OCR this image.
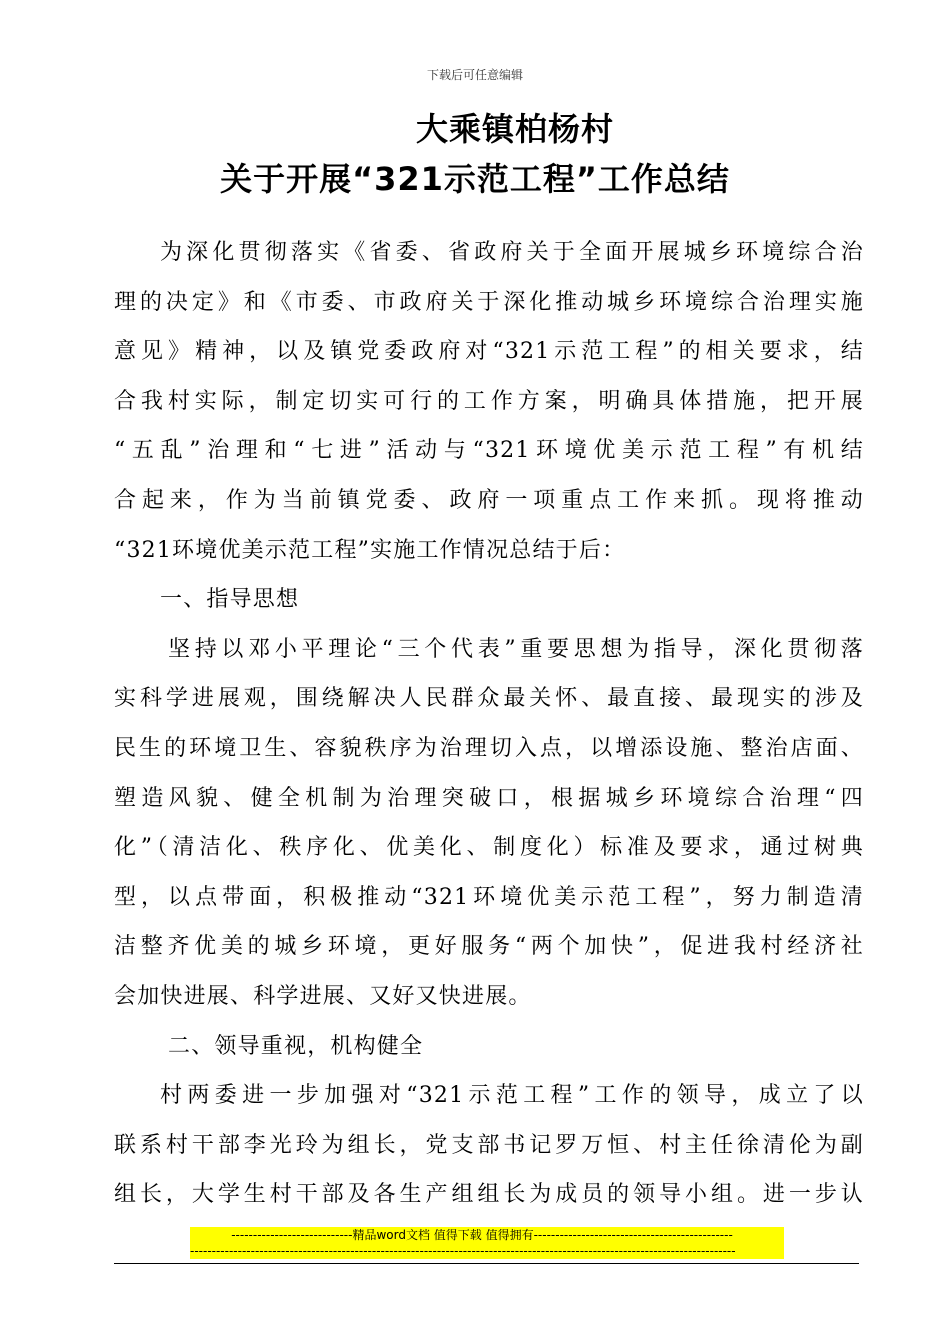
下载后可任意编辑
大乘镇柏杨村
关于开展“321示范工程”工作总结
为深化贯彻落实《省委、省政府关于全面开展城乡环境综合治
理的决定》和《市委、市政府关于深化推动城乡环境综合治理实施
意见》精神，以及镇党委政府对“321示范工程”的相关要求，结
合我村实际，制定切实可行的工作方案，明确具体措施，把开展
“五乱”治理和“七进”活动与“321环境优美示范工程”有机结
合起来，作为当前镇党委、政府一项重点工作来抓。现将推动
“321环境优美示范工程”实施工作情况总结于后：
一、指导思想
坚持以邓小平理论“三个代表”重要思想为指导，深化贯彻落
实科学进展观，围绕解决人民群众最关怀、最直接、最现实的涉及
民生的环境卫生、容貌秩序为治理切入点，以增添设施、整治店面、
塑造风貌、健全机制为治理突破口，根据城乡环境综合治理“四
化”（清洁化、秩序化、优美化、制度化）标准及要求，通过树典
型，以点带面，积极推动“321环境优美示范工程”，努力制造清
洁整齐优美的城乡环境，更好服务“两个加快”，促进我村经济社
会加快进展、科学进展、又好又快进展。
二、领导重视，机构健全
村两委进一步加强对“321示范工程”工作的领导，成立了以
联系村干部李光玲为组长，党支部书记罗万恒、村主任徐清伦为副
组长，大学生村干部及各生产组组长为成员的领导小组。进一步认
----------------------------精品word文档 值得下载 值得拥有----------------------------------------------
------------------------------------------------------------------------------------------------------------------------------
